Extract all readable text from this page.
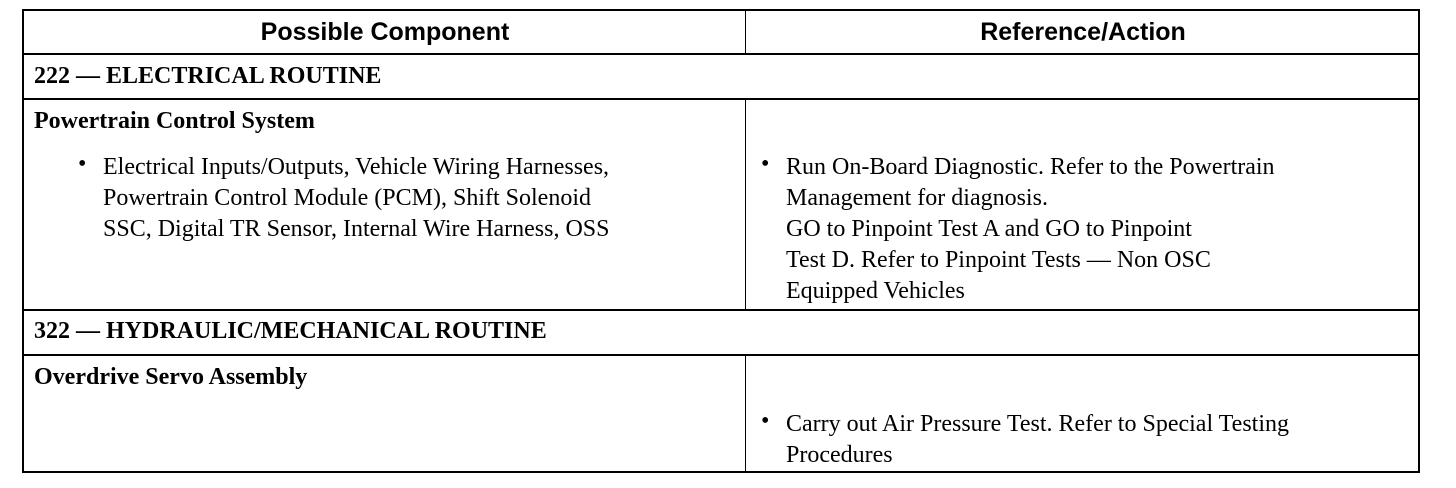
Possible Component	Reference/Action
222 — ELECTRICAL ROUTINE
Powertrain Control System
• Electrical Inputs/Outputs, Vehicle Wiring Harnesses,
Powertrain Control Module (PCM), Shift Solenoid
SSC, Digital TR Sensor, Internal Wire Harness, OSS
• Run On-Board Diagnostic. Refer to the Powertrain
Management for diagnosis.
GO to Pinpoint Test A and GO to Pinpoint
Test D. Refer to Pinpoint Tests — Non OSC
Equipped Vehicles
322 — HYDRAULIC/MECHANICAL ROUTINE
Overdrive Servo Assembly
• Carry out Air Pressure Test. Refer to Special Testing
Procedures
